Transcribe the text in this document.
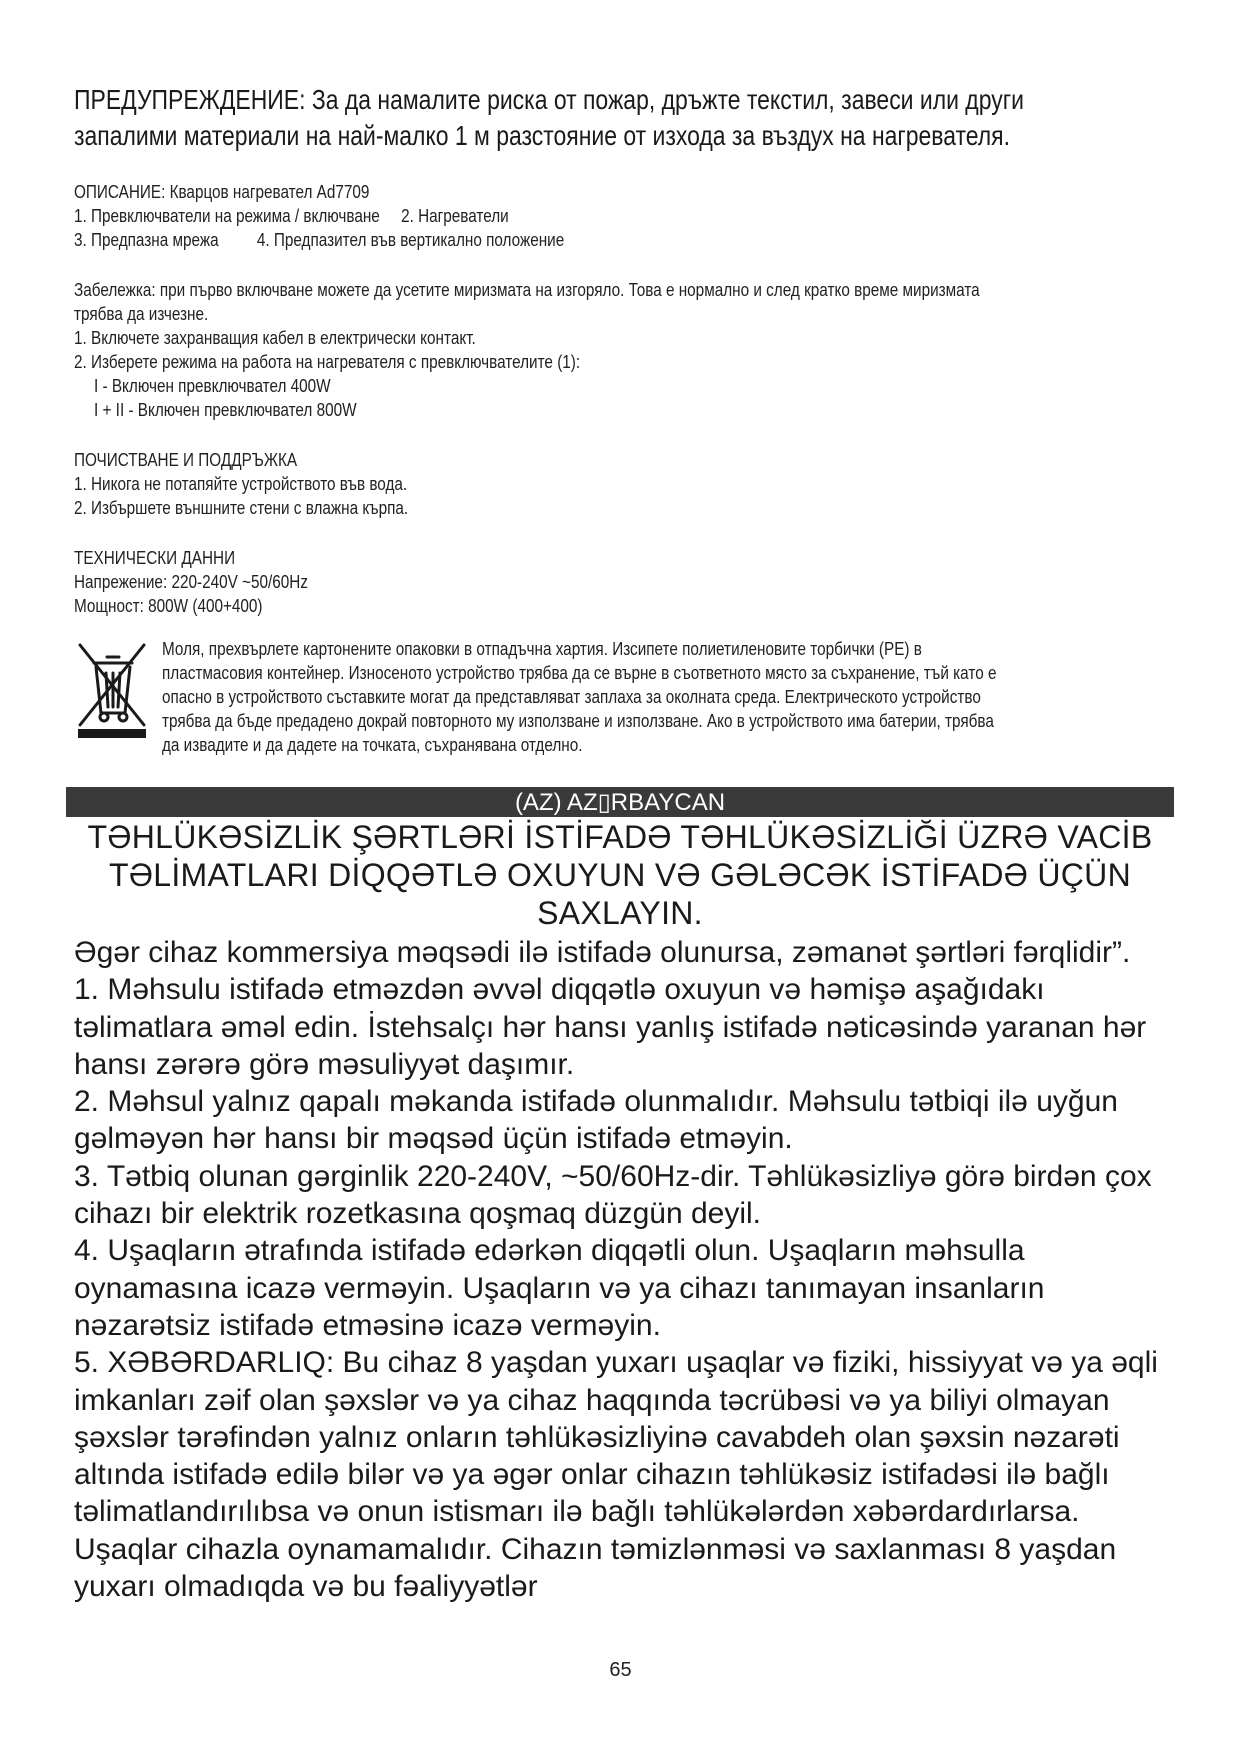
ПРЕДУПРЕЖДЕНИЕ: За да намалите риска от пожар, дръжте текстил, завеси или други
запалими материали на най-малко 1 м разстояние от изхода за въздух на нагревателя.
ОПИСАНИЕ: Кварцов нагревател Ad7709
1. Превключватели на режима / включване     2. Нагреватели
3. Предпазна мрежа         4. Предпазител във вертикално положение
Забележка: при първо включване можете да усетите миризмата на изгоряло. Това е нормално и след кратко време миризмата
трябва да изчезне.
1. Включете захранващия кабел в електрически контакт.
2. Изберете режима на работа на нагревателя с превключвателите (1):
I - Включен превключвател 400W
I + II - Включен превключвател 800W
ПОЧИСТВАНЕ И ПОДДРЪЖКА
1. Никога не потапяйте устройството във вода.
2. Избършете външните стени с влажна кърпа.
ТЕХНИЧЕСКИ ДАННИ
Напрежение: 220-240V ~50/60Hz
Мощност: 800W (400+400)
Моля, прехвърлете картонените опаковки в отпадъчна хартия. Изсипете полиетиленовите торбички (PE) в
пластмасовия контейнер. Износеното устройство трябва да се върне в съответното място за съхранение, тъй като е
опасно в устройството съставките могат да представляват заплаха за околната среда. Електрическото устройство
трябва да бъде предадено докрай повторното му използване и използване. Ако в устройството има батерии, трябва
да извадите и да дадете на точката, съхранявана отделно.
(AZ) AZ▯RBAYCAN
TƏHLÜKƏSİZLİK ŞƏRTLƏRİ İSTİFADƏ TƏHLÜKƏSİZLİĞİ ÜZRƏ VACİB
TƏLİMATLARI DİQQƏTLƏ OXUYUN VƏ GƏLƏCƏK İSTİFADƏ ÜÇÜN
SAXLAYIN.

Əgər cihaz kommersiya məqsədi ilə istifadə olunursa, zəmanət şərtləri fərqlidir”.

1. Məhsulu istifadə etməzdən əvvəl diqqətlə oxuyun və həmişə aşağıdakı təlimatlara əməl edin. İstehsalçı hər hansı yanlış istifadə nəticəsində yaranan hər hansı zərərə görə məsuliyyət daşımır.

2. Məhsul yalnız qapalı məkanda istifadə olunmalıdır. Məhsulu tətbiqi ilə uyğun gəlməyən hər hansı bir məqsəd üçün istifadə etməyin.

3. Tətbiq olunan gərginlik 220-240V, ~50/60Hz-dir. Təhlükəsizliyə görə birdən çox cihazı bir elektrik rozetkasına qoşmaq düzgün deyil.

4. Uşaqların ətrafında istifadə edərkən diqqətli olun. Uşaqların məhsulla oynamasına icazə verməyin. Uşaqların və ya cihazı tanımayan insanların nəzarətsiz istifadə etməsinə icazə verməyin.

5. XƏBƏRDARLIQ: Bu cihaz 8 yaşdan yuxarı uşaqlar və fiziki, hissiyyat və ya əqli imkanları zəif olan şəxslər və ya cihaz haqqında təcrübəsi və ya biliyi olmayan şəxslər tərəfindən yalnız onların təhlükəsizliyinə cavabdeh olan şəxsin nəzarəti altında istifadə edilə bilər və ya əgər onlar cihazın təhlükəsiz istifadəsi ilə bağlı təlimatlandırılıbsa və onun istismarı ilə bağlı təhlükələrdən xəbərdardırlarsa. Uşaqlar cihazla oynamamalıdır. Cihazın təmizlənməsi və saxlanması 8 yaşdan yuxarı olmadıqda və bu fəaliyyətlər

65
